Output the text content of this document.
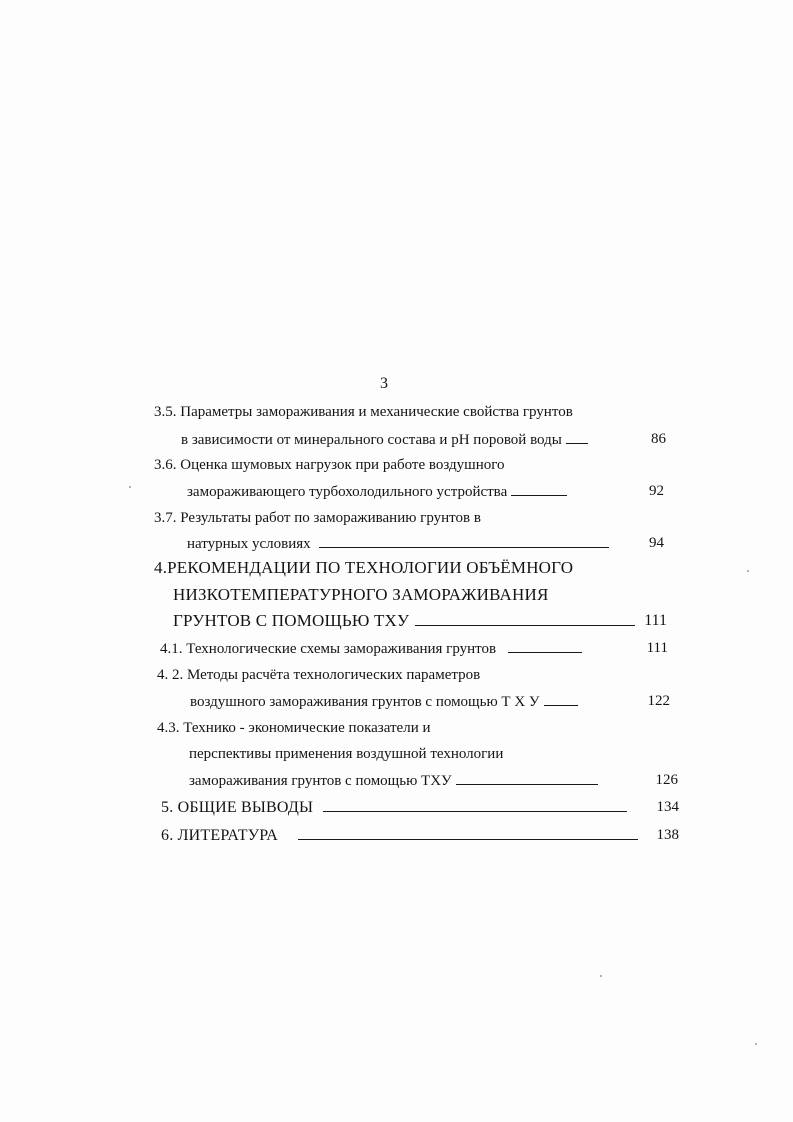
3
3.5. Параметры замораживания и механические свойства грунтов
в зависимости от минерального состава и рН поровой воды	86
3.6. Оценка шумовых нагрузок при работе воздушного
замораживающего турбохолодильного устройства	92
3.7. Результаты работ по замораживанию грунтов в
натурных условиях	94
4.РЕКОМЕНДАЦИИ ПО ТЕХНОЛОГИИ ОБЪЁМНОГО
НИЗКОТЕМПЕРАТУРНОГО ЗАМОРАЖИВАНИЯ
ГРУНТОВ С ПОМОЩЬЮ ТХУ	111
4.1. Технологические схемы замораживания грунтов	111
4. 2. Методы расчёта технологических параметров
воздушного замораживания грунтов с помощью Т Х У	122
4.3. Технико - экономические показатели и
перспективы применения воздушной технологии
замораживания грунтов с помощью ТХУ	126
5. ОБЩИЕ ВЫВОДЫ	134
6. ЛИТЕРАТУРА	138
